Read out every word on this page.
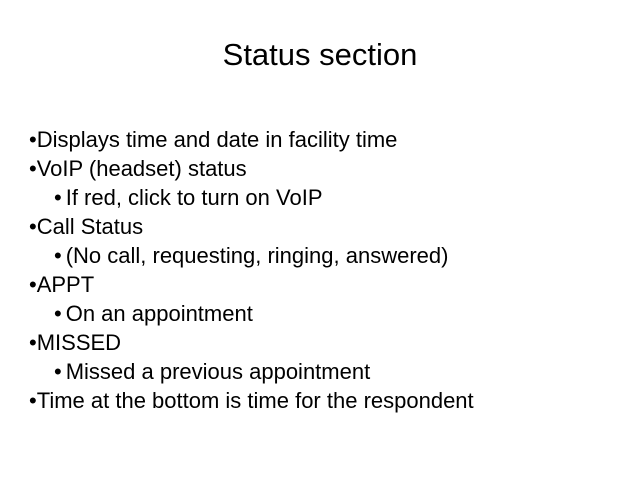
Status section
•Displays time and date in facility time
•VoIP (headset) status
• If red, click to turn on VoIP
•Call Status
• (No call, requesting, ringing, answered)
•APPT
• On an appointment
•MISSED
• Missed a previous appointment
•Time at the bottom is time for the respondent
